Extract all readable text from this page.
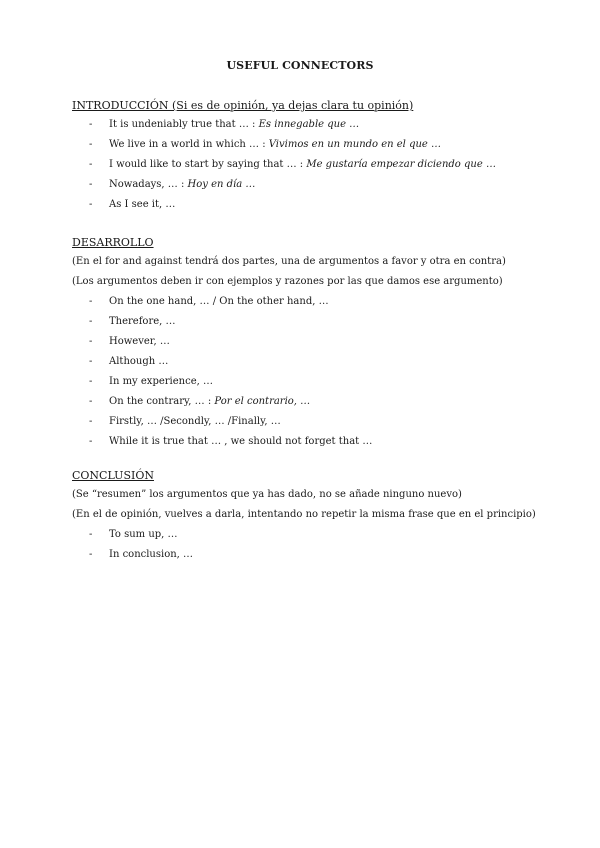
USEFUL CONNECTORS
INTRODUCCIÓN (Si es de opinión, ya dejas clara tu opinión)
- It is undeniably true that … : Es innegable que …
- We live in a world in which … : Vivimos en un mundo en el que …
- I would like to start by saying that … : Me gustaría empezar diciendo que …
- Nowadays, … : Hoy en día …
- As I see it, …
DESARROLLO
(En el for and against tendrá dos partes, una de argumentos a favor y otra en contra)
(Los argumentos deben ir con ejemplos y razones por las que damos ese argumento)
- On the one hand, … / On the other hand, …
- Therefore, …
- However, …
- Although …
- In my experience, …
- On the contrary, … : Por el contrario, …
- Firstly, … /Secondly, … /Finally, …
- While it is true that … , we should not forget that …
CONCLUSIÓN
(Se “resumen” los argumentos que ya has dado, no se añade ninguno nuevo)
(En el de opinión, vuelves a darla, intentando no repetir la misma frase que en el principio)
- To sum up, …
- In conclusion, …
